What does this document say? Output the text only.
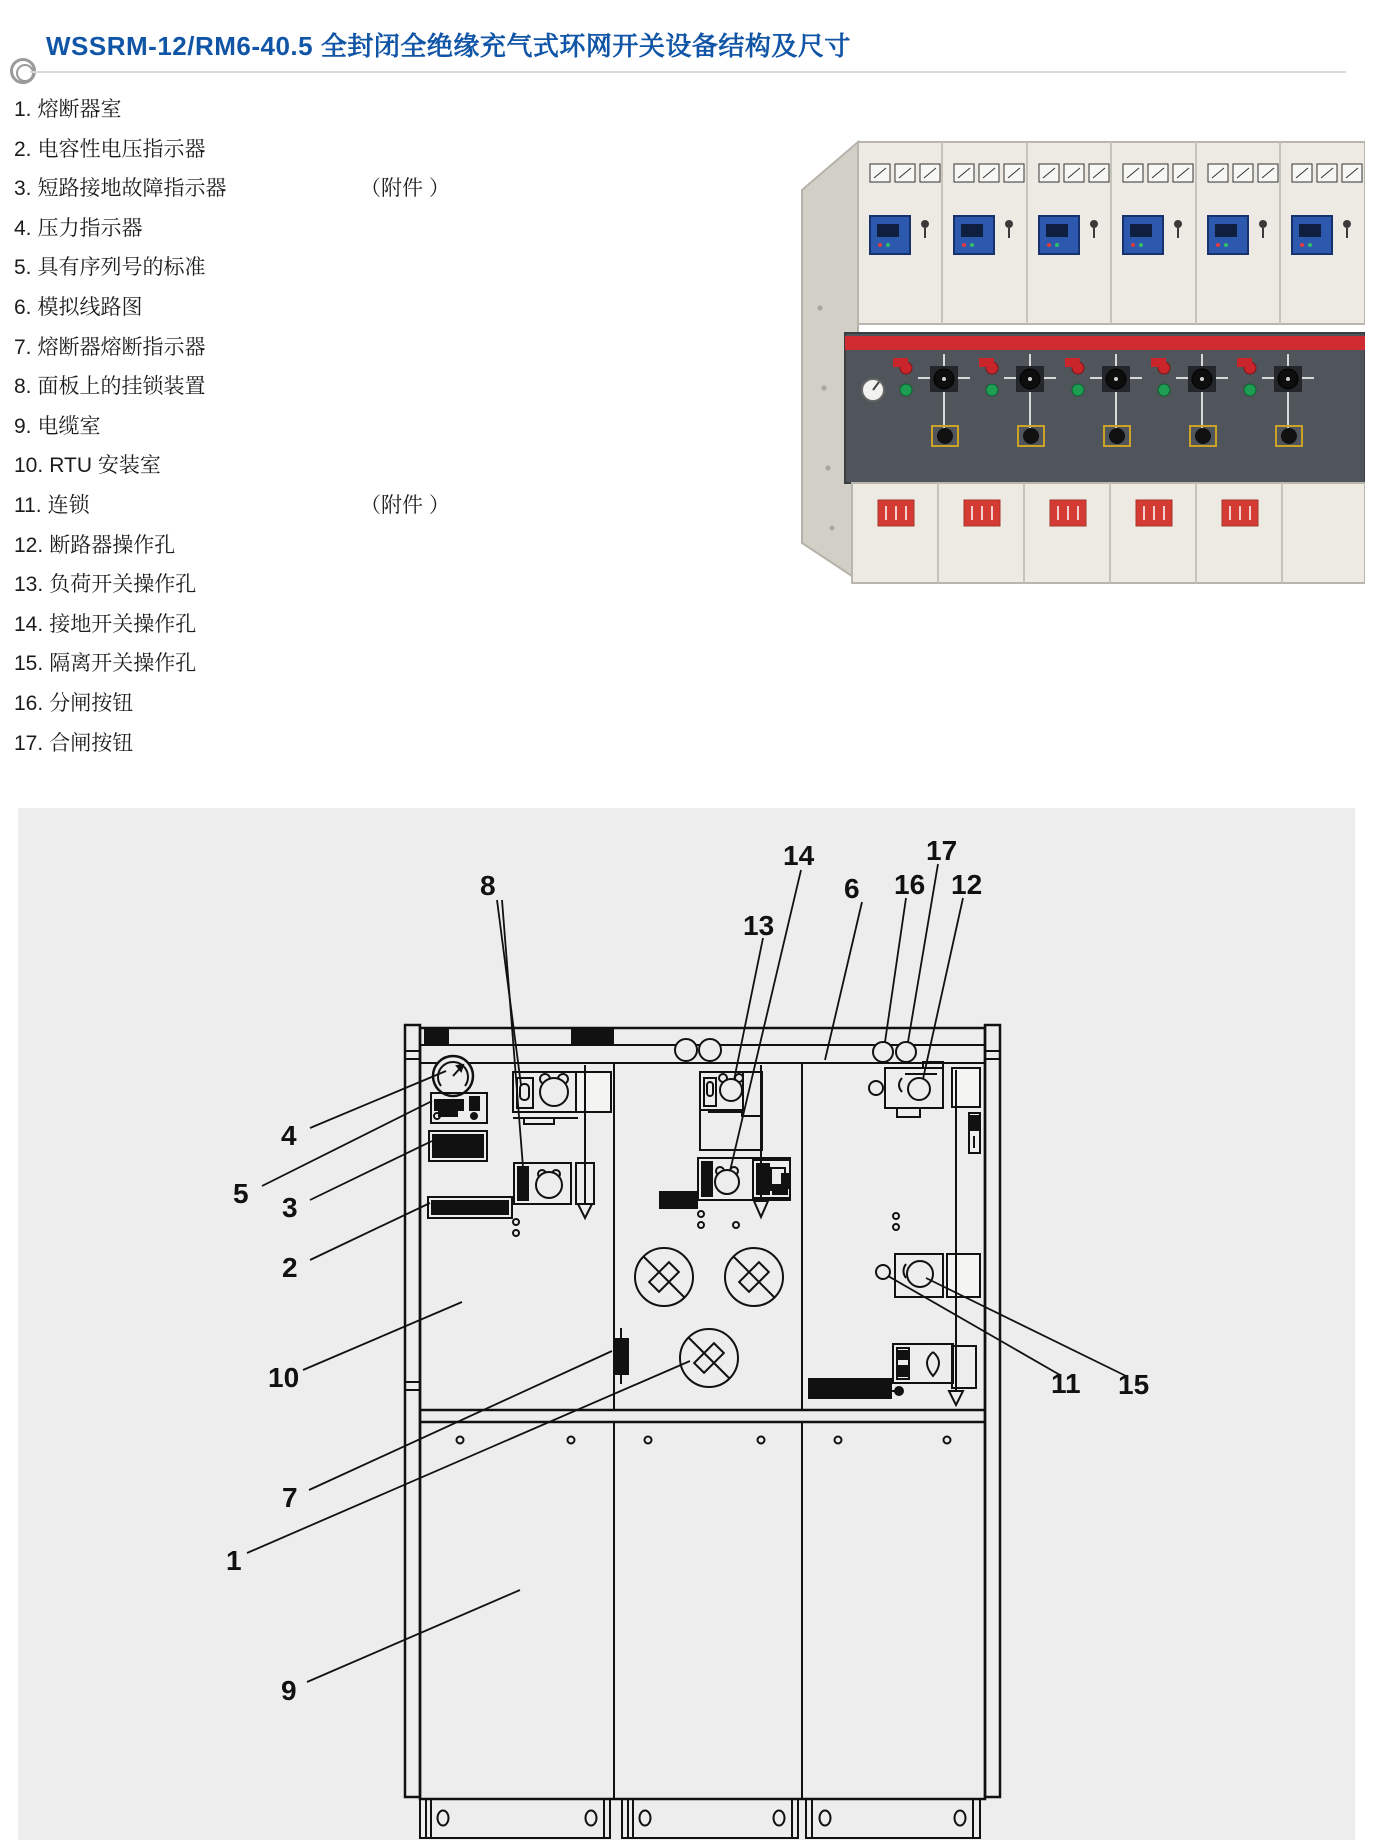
WSSRM-12/RM6-40.5 全封闭全绝缘充气式环网开关设备结构及尺寸
1. 熔断器室
2. 电容性电压指示器
3. 短路接地故障指示器	（附件 ）
4. 压力指示器
5. 具有序列号的标准
6. 模拟线路图
7. 熔断器熔断指示器
8. 面板上的挂锁装置
9. 电缆室
10. RTU 安装室
11. 连锁	（附件 ）
12. 断路器操作孔
13. 负荷开关操作孔
14. 接地开关操作孔
15. 隔离开关操作孔
16. 分闸按钮
17. 合闸按钮
1
2
3
4
5
6
7
8
9
10	11
12
13
14
15
16
17
